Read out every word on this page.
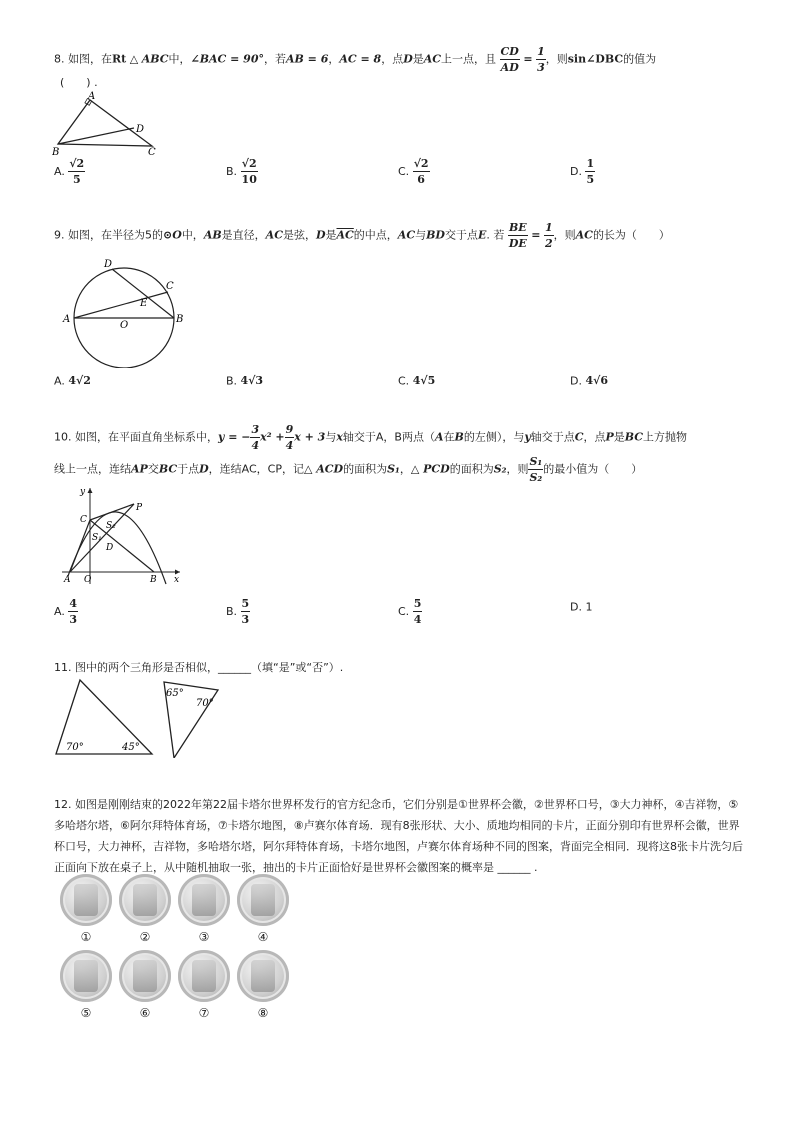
8. 如图，在Rt △ ABC中，∠BAC = 90°，若AB = 6，AC = 8，点D是AC上一点，且 $\frac{CD}{AD} = \frac{1}{3}$ ，则sin∠DBC的值为
(　　) .
A
B	C
D
A. $\frac{√2}{5}$	B. $\frac{√2}{10}$	C. $\frac{√2}{6}$	D. $\frac{1}{5}$
9. 如图，在半径为5的⊙O中，AB是直径，AC是弦，D是$\overline{AC}$的中点，AC与BD交于点E. 若 $\frac{BE}{DE} = \frac{1}{2}$ ，则AC的长为（　　）
D
C
E
A
O
B
A. 4√2	B. 4√3	C. 4√5	D. 4√6
10. 如图，在平面直角坐标系中，y = − $\frac{3}{4} x^2 + \frac{9}{4}$ x + 3与x轴交于A，B两点（A在B的左侧），与y轴交于点C，点P是BC上方抛物
线上一点，连结AP交BC于点D，连结AC，CP，记△ ACD的面积为S₁，△ PCD的面积为S₂，则 $\frac{\text{S₁}}{\text{S₂}}$ 的最小值为（　　）
y
x
C
P
S₂
S₁
D
A O	B
A. $\frac{4}{3}$	B. $\frac{5}{3}$	C. $\frac{5}{4}$	D. 1
11. 图中的两个三角形是否相似，______（填“是”或“否”）.
70°	45°
65°
70°
12. 如图是刚刚结束的2022年第22届卡塔尔世界杯发行的官方纪念币，它们分别是①世界杯会徽，②世界杯口号，③大力神杯，④吉祥物，⑤
多哈塔尔塔，⑥阿尔拜特体育场，⑦卡塔尔地图，⑧卢赛尔体育场．现有8张形状、大小、质地均相同的卡片，正面分别印有世界杯会徽，世界
杯口号，大力神杯，吉祥物，多哈塔尔塔，阿尔拜特体育场，卡塔尔地图，卢赛尔体育场种不同的图案，背面完全相同．现将这8张卡片洗匀后
正面向下放在桌子上，从中随机抽取一张，抽出的卡片正面恰好是世界杯会徽图案的概率是 ______ .
①	②	③	④
⑤	⑥	⑦	⑧
